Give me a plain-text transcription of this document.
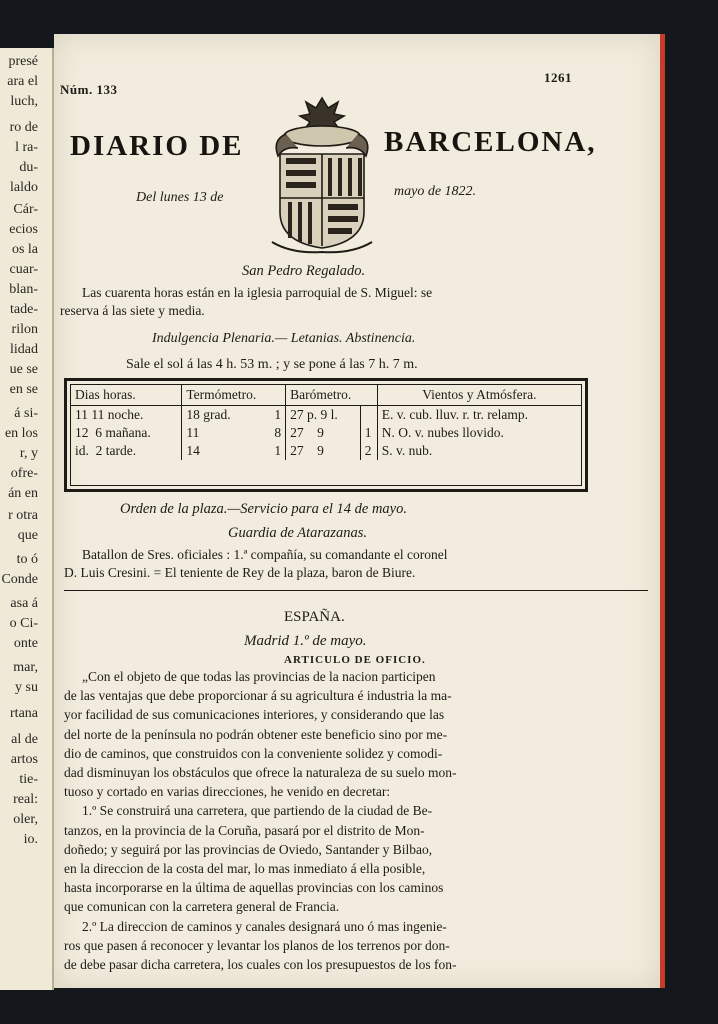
presé
ara el
luch,
ro de
l ra-
du-
laldo
Cár-
ecios
os la
cuar-
blan-
tade-
rilon
lidad
ue se
en se
á si-
en los
r, y
ofre-
án en
r otra
que
to ó
Conde
asa á
o Ci-
onte
mar,
y su
rtana
al de
artos
tie-
real:
oler,
io.
Núm. 133
1261
DIARIO DE	BARCELONA,
Del lunes 13 de	mayo de 1822.
San Pedro Regalado.
Las cuarenta horas están en la iglesia parroquial de S. Miguel: se
reserva á las siete y media.
Indulgencia Plenaria.— Letanias. Abstinencia.
Sale el sol á las 4 h. 53 m. ; y se pone á las 7 h. 7 m.
Dias horas.	Termómetro.	Barómetro.		Vientos y Atmósfera.
11 11 noche.	18 grad. 1	27 p. 9 l.		E. v. cub. lluv. r. tr. relamp.
12 6 mañana.	11 8	27 9	1	N. O. v. nubes llovido.
id. 2 tarde.	14 1	27 9	2	S. v. nub.
Orden de la plaza.—Servicio para el 14 de mayo.
Guardia de Atarazanas.
Batallon de Sres. oficiales : 1.ª compañía, su comandante el coronel
D. Luis Cresini. = El teniente de Rey de la plaza, baron de Biure.
ESPAÑA.
Madrid 1.º de mayo.
ARTICULO DE OFICIO.
„Con el objeto de que todas las provincias de la nacion participen
de las ventajas que debe proporcionar á su agricultura é industria la ma-
yor facilidad de sus comunicaciones interiores, y considerando que las
del norte de la península no podrán obtener este beneficio sino por me-
dio de caminos, que construidos con la conveniente solidez y comodi-
dad disminuyan los obstáculos que ofrece la naturaleza de su suelo mon-
tuoso y cortado en varias direcciones, he venido en decretar:
1.º Se construirá una carretera, que partiendo de la ciudad de Be-
tanzos, en la provincia de la Coruña, pasará por el distrito de Mon-
doñedo; y seguirá por las provincias de Oviedo, Santander y Bilbao,
en la direccion de la costa del mar, lo mas inmediato á ella posible,
hasta incorporarse en la última de aquellas provincias con los caminos
que comunican con la carretera general de Francia.
2.º La direccion de caminos y canales designará uno ó mas ingenie-
ros que pasen á reconocer y levantar los planos de los terrenos por don-
de debe pasar dicha carretera, los cuales con los presupuestos de los fon-
